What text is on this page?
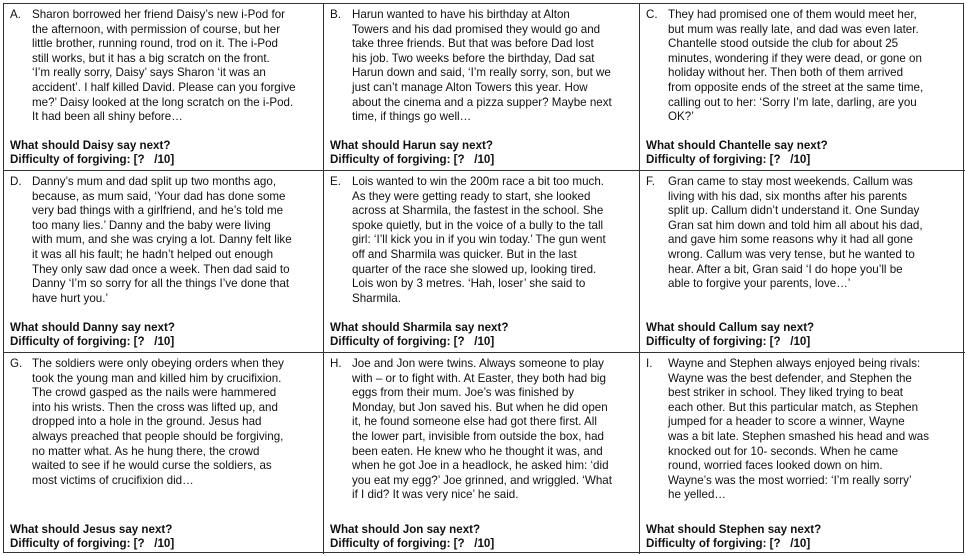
A. Sharon borrowed her friend Daisy’s new i-Pod for
the afternoon, with permission of course, but her
little brother, running round, trod on it. The i-Pod
still works, but it has a big scratch on the front.
‘I’m really sorry, Daisy’ says Sharon ‘it was an
accident’. I half killed David. Please can you forgive
me?’ Daisy looked at the long scratch on the i-Pod.
It had been all shiny before…
What should Daisy say next?
Difficulty of forgiving: [?   /10]
B. Harun wanted to have his birthday at Alton
Towers and his dad promised they would go and
take three friends. But that was before Dad lost
his job. Two weeks before the birthday, Dad sat
Harun down and said, ‘I’m really sorry, son, but we
just can’t manage Alton Towers this year. How
about the cinema and a pizza supper? Maybe next
time, if things go well…
What should Harun say next?
Difficulty of forgiving: [?   /10]
C. They had promised one of them would meet her,
but mum was really late, and dad was even later.
Chantelle stood outside the club for about 25
minutes, wondering if they were dead, or gone on
holiday without her. Then both of them arrived
from opposite ends of the street at the same time,
calling out to her: ‘Sorry I’m late, darling, are you
OK?’
What should Chantelle say next?
Difficulty of forgiving: [?   /10]
D. Danny’s mum and dad split up two months ago,
because, as mum said, ‘Your dad has done some
very bad things with a girlfriend, and he’s told me
too many lies.’ Danny and the baby were living
with mum, and she was crying a lot. Danny felt like
it was all his fault; he hadn’t helped out enough
They only saw dad once a week. Then dad said to
Danny ‘I’m so sorry for all the things I’ve done that
have hurt you.’
What should Danny say next?
Difficulty of forgiving: [?   /10]
E. Lois wanted to win the 200m race a bit too much.
As they were getting ready to start, she looked
across at Sharmila, the fastest in the school. She
spoke quietly, but in the voice of a bully to the tall
girl: ‘I’ll kick you in if you win today.’ The gun went
off and Sharmila was quicker. But in the last
quarter of the race she slowed up, looking tired.
Lois won by 3 metres. ‘Hah, loser’ she said to
Sharmila.
What should Sharmila say next?
Difficulty of forgiving: [?   /10]
F.	Gran came to stay most weekends. Callum was
living with his dad, six months after his parents
split up. Callum didn’t understand it. One Sunday
Gran sat him down and told him all about his dad,
and gave him some reasons why it had all gone
wrong. Callum was very tense, but he wanted to
hear. After a bit, Gran said ‘I do hope you’ll be
able to forgive your parents, love…’
What should Callum say next?
Difficulty of forgiving: [?   /10]
G. The soldiers were only obeying orders when they
took the young man and killed him by crucifixion.
The crowd gasped as the nails were hammered
into his wrists. Then the cross was lifted up, and
dropped into a hole in the ground. Jesus had
always preached that people should be forgiving,
no matter what. As he hung there, the crowd
waited to see if he would curse the soldiers, as
most victims of crucifixion did…
What should Jesus say next?
Difficulty of forgiving: [?   /10]
H. Joe and Jon were twins. Always someone to play
with – or to fight with. At Easter, they both had big
eggs from their mum. Joe’s was finished by
Monday, but Jon saved his. But when he did open
it, he found someone else had got there first. All
the lower part, invisible from outside the box, had
been eaten. He knew who he thought it was, and
when he got Joe in a headlock, he asked him: ‘did
you eat my egg?’ Joe grinned, and wriggled. ‘What
if I did? It was very nice’ he said.
What should Jon say next?
Difficulty of forgiving: [?   /10]
I.	Wayne and Stephen always enjoyed being rivals:
Wayne was the best defender, and Stephen the
best striker in school. They liked trying to beat
each other. But this particular match, as Stephen
jumped for a header to score a winner, Wayne
was a bit late. Stephen smashed his head and was
knocked out for 10- seconds. When he came
round, worried faces looked down on him.
Wayne’s was the most worried: ‘I’m really sorry’
he yelled…
What should Stephen say next?
Difficulty of forgiving: [?   /10]
